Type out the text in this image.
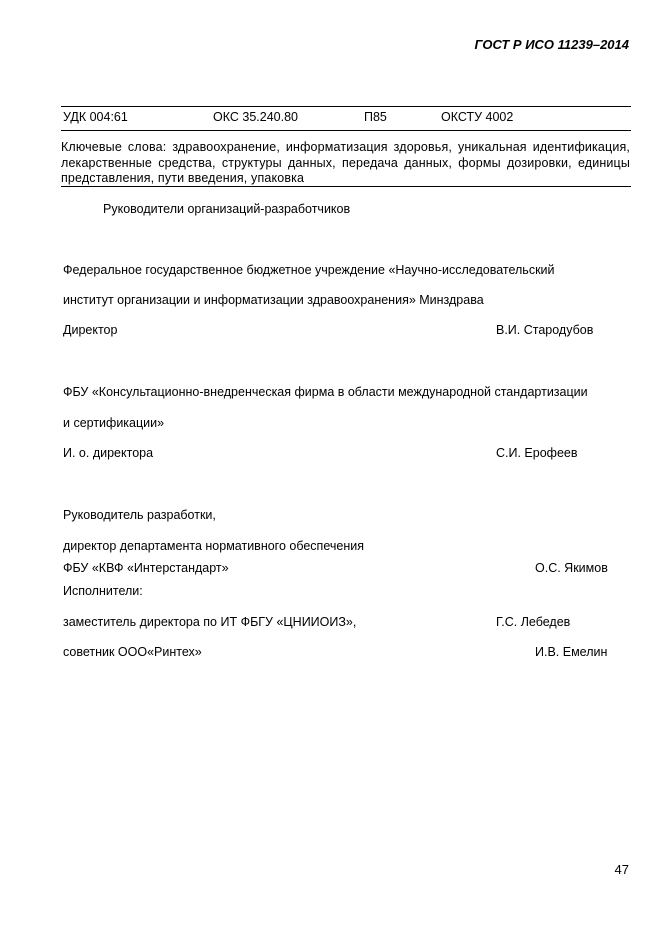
ГОСТ Р ИСО 11239–2014
УДК 004:61	ОКС 35.240.80	П85	ОКСТУ 4002
Ключевые слова: здравоохранение, информатизация здоровья, уникальная идентификация, лекарственные средства, структуры данных, передача данных, формы дозировки, единицы представления, пути введения, упаковка
Руководители организаций-разработчиков
Федеральное государственное бюджетное учреждение «Научно-исследовательский
институт организации и информатизации здравоохранения» Минздрава
Директор	В.И. Стародубов
ФБУ «Консультационно-внедренческая фирма в области международной стандартизации
и сертификации»
И. о. директора	С.И. Ерофеев
Руководитель разработки,
директор департамента нормативного обеспечения
ФБУ «КВФ «Интерстандарт»	О.С. Якимов
Исполнители:
заместитель директора по ИТ ФБГУ «ЦНИИОИЗ»,	Г.С. Лебедев
советник ООО«Ринтех»	И.В. Емелин
47
